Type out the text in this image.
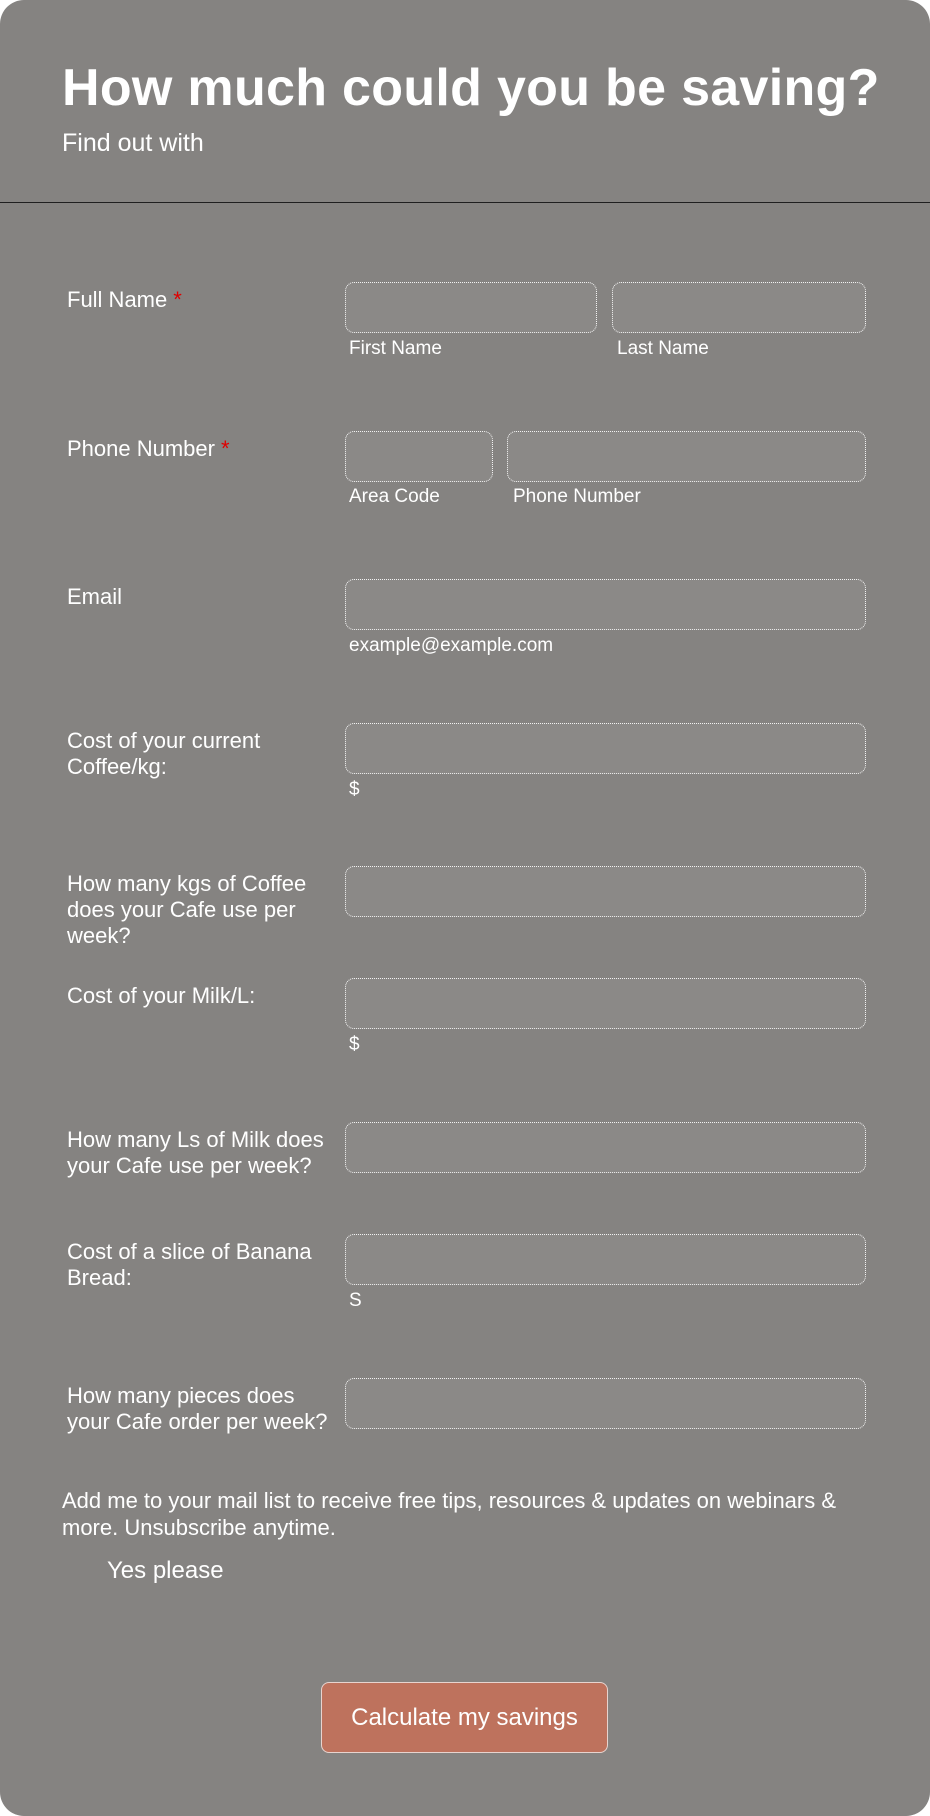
How much could you be saving?

Find out with

Full Name *
First Name	Last Name
Phone Number *
Area Code	Phone Number
Email
example@example.com
Cost of your current Coffee/kg:
$
How many kgs of Coffee does your Cafe use per week?
Cost of your Milk/L:
$
How many Ls of Milk does your Cafe use per week?
Cost of a slice of Banana Bread:
S
How many pieces does your Cafe order per week?

Add me to your mail list to receive free tips, resources & updates on webinars & more. Unsubscribe anytime.

Yes please
Calculate my savings
